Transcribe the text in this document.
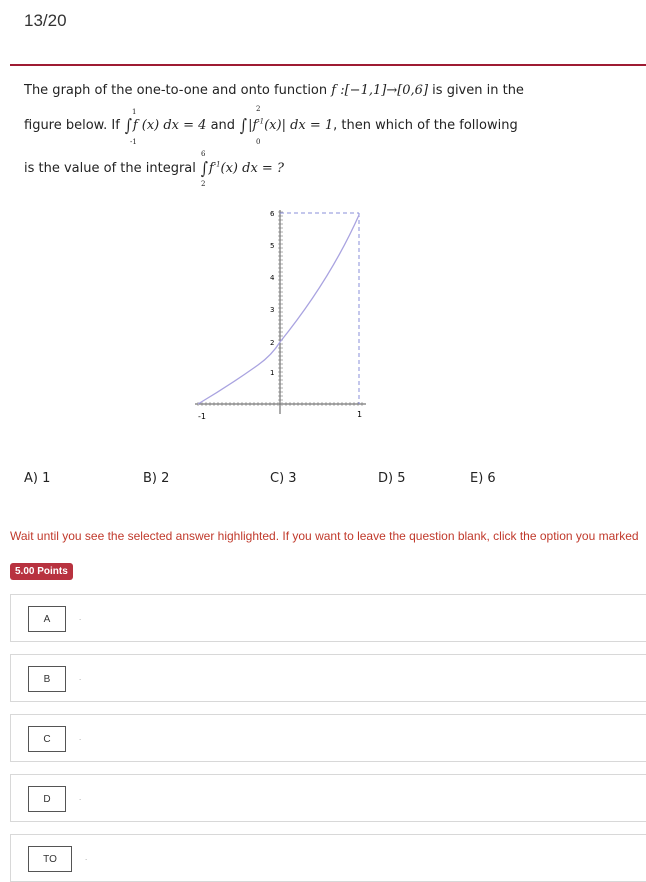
13/20
The graph of the one-to-one and onto function f :[−1,1]→[0,6] is given in the
figure below. If ∫f (x) dx = 4 and $\int|f^{-1}(x)|$ dx = 1, then which of the following
1
-1
2
0
is the value of the integral $\int f^{-1}(x)$ dx = ?
6
2
-1	1
1
2
3
4
5
6
A) 1	B) 2	C) 3	D) 5	E) 6
Wait until you see the selected answer highlighted. If you want to leave the question blank, click the option you marked
5.00 Points
A	.
B	.
C	.
D	.
TO	.
